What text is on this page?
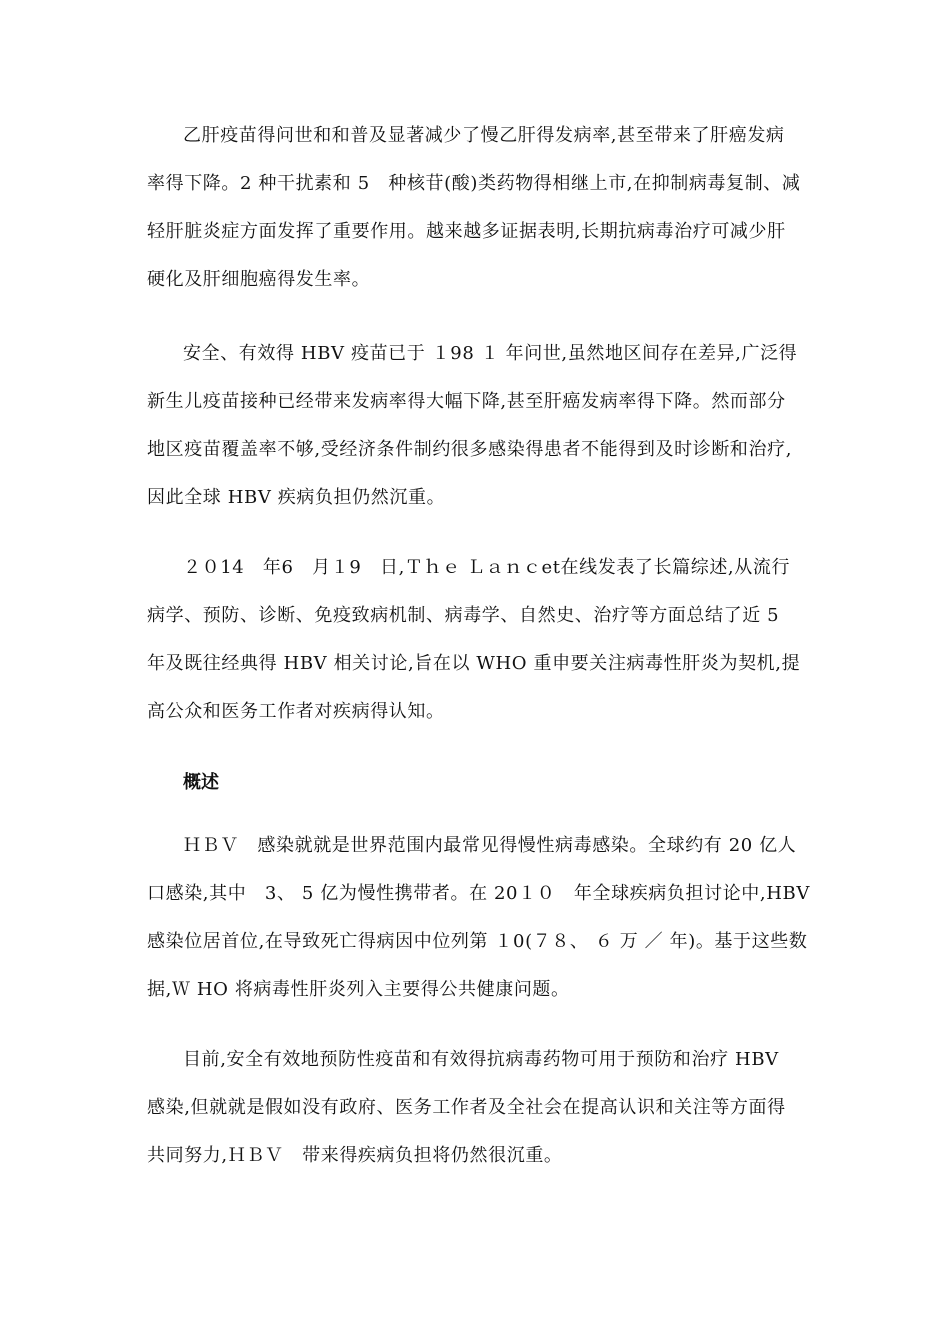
乙肝疫苗得问世和和普及显著减少了慢乙肝得发病率,甚至带来了肝癌发病
率得下降。2 种干扰素和 5　种核苷(酸)类药物得相继上市,在抑制病毒复制、减
轻肝脏炎症方面发挥了重要作用。越来越多证据表明,长期抗病毒治疗可减少肝
硬化及肝细胞癌得发生率。
安全、有效得 HBV 疫苗已于 １98 １ 年问世,虽然地区间存在差异,广泛得
新生儿疫苗接种已经带来发病率得大幅下降,甚至肝癌发病率得下降。然而部分
地区疫苗覆盖率不够,受经济条件制约很多感染得患者不能得到及时诊断和治疗,
因此全球 HBV 疾病负担仍然沉重。
２０14　年6　月１9　日,Ｔｈｅ Ｌａｎｃet在线发表了长篇综述,从流行
病学、预防、诊断、免疫致病机制、病毒学、自然史、治疗等方面总结了近 5
年及既往经典得 HBV 相关讨论,旨在以 WHO 重申要关注病毒性肝炎为契机,提
高公众和医务工作者对疾病得认知。
概述
ＨＢＶ　感染就就是世界范围内最常见得慢性病毒感染。全球约有 20 亿人
口感染,其中　3、 5 亿为慢性携带者。在 20１０　年全球疾病负担讨论中,HBV
感染位居首位,在导致死亡得病因中位列第 １0(７８、 ６ 万 ／ 年)。基于这些数
据,Ｗ HO 将病毒性肝炎列入主要得公共健康问题。
目前,安全有效地预防性疫苗和有效得抗病毒药物可用于预防和治疗 HBV
感染,但就就是假如没有政府、医务工作者及全社会在提高认识和关注等方面得
共同努力,ＨＢＶ　带来得疾病负担将仍然很沉重。
